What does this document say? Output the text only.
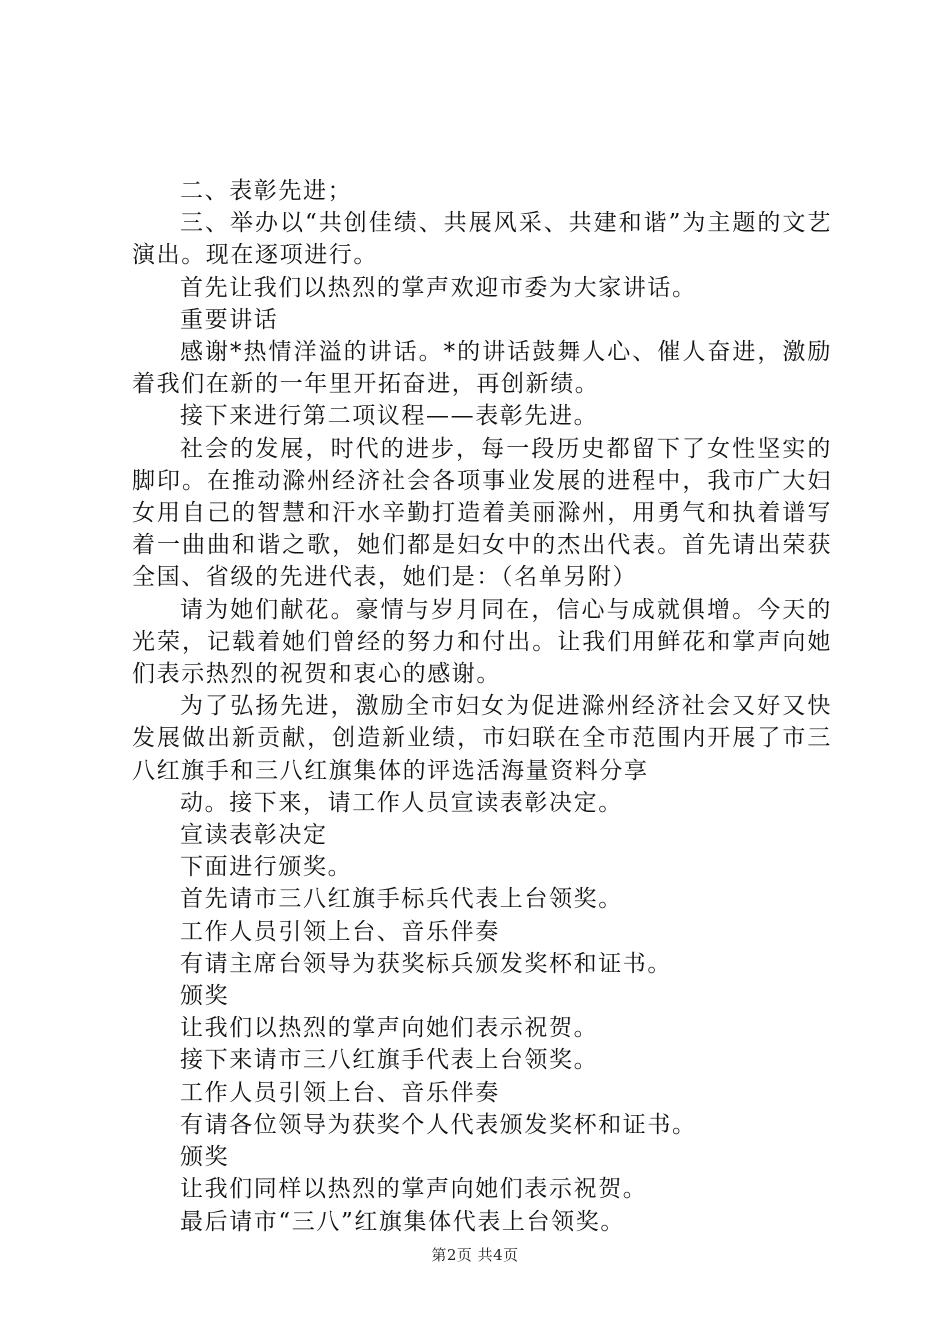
二、表彰先进；

三、举办以“共创佳绩、共展风采、共建和谐”为主题的文艺演出。现在逐项进行。

首先让我们以热烈的掌声欢迎市委为大家讲话。

重要讲话

感谢*热情洋溢的讲话。*的讲话鼓舞人心、催人奋进，激励着我们在新的一年里开拓奋进，再创新绩。

接下来进行第二项议程——表彰先进。

社会的发展，时代的进步，每一段历史都留下了女性坚实的脚印。在推动滁州经济社会各项事业发展的进程中，我市广大妇女用自己的智慧和汗水辛勤打造着美丽滁州，用勇气和执着谱写着一曲曲和谐之歌，她们都是妇女中的杰出代表。首先请出荣获全国、省级的先进代表，她们是：（名单另附）

请为她们献花。豪情与岁月同在，信心与成就俱增。今天的光荣，记载着她们曾经的努力和付出。让我们用鲜花和掌声向她们表示热烈的祝贺和衷心的感谢。

为了弘扬先进，激励全市妇女为促进滁州经济社会又好又快发展做出新贡献，创造新业绩，市妇联在全市范围内开展了市三八红旗手和三八红旗集体的评选活海量资料分享

动。接下来，请工作人员宣读表彰决定。

宣读表彰决定

下面进行颁奖。

首先请市三八红旗手标兵代表上台领奖。

工作人员引领上台、音乐伴奏

有请主席台领导为获奖标兵颁发奖杯和证书。

颁奖

让我们以热烈的掌声向她们表示祝贺。

接下来请市三八红旗手代表上台领奖。

工作人员引领上台、音乐伴奏

有请各位领导为获奖个人代表颁发奖杯和证书。

颁奖

让我们同样以热烈的掌声向她们表示祝贺。

最后请市“三八”红旗集体代表上台领奖。

第2页 共4页
